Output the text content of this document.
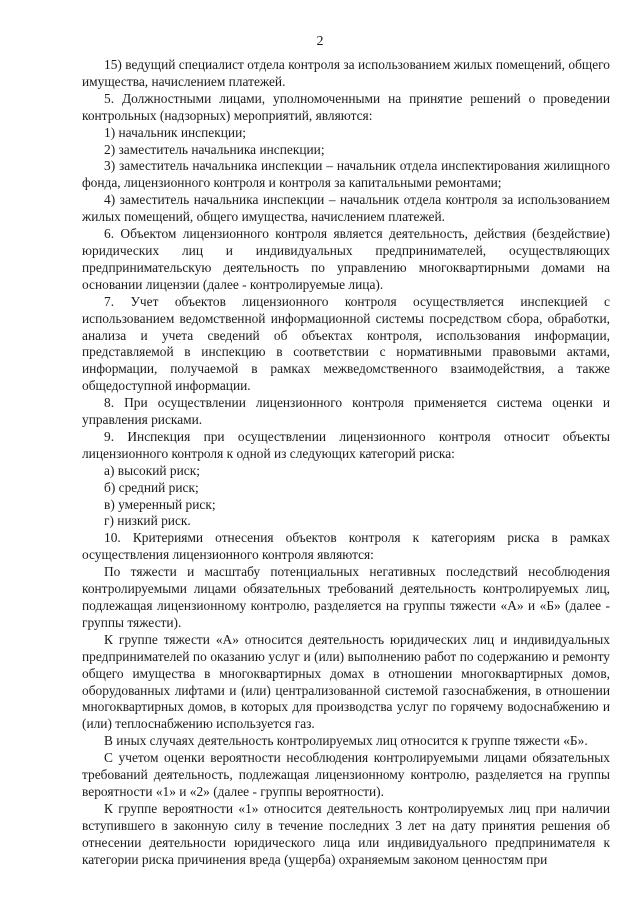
2

15) ведущий специалист отдела контроля за использованием жилых помещений, общего имущества, начислением платежей.

5. Должностными лицами, уполномоченными на принятие решений о проведении контрольных (надзорных) мероприятий, являются:

1) начальник инспекции;

2) заместитель начальника инспекции;

3) заместитель начальника инспекции – начальник отдела инспектирования жилищного фонда, лицензионного контроля и контроля за капитальными ремонтами;

4) заместитель начальника инспекции – начальник отдела контроля за использованием жилых помещений, общего имущества, начислением платежей.

6. Объектом лицензионного контроля является деятельность, действия (бездействие) юридических лиц и индивидуальных предпринимателей, осуществляющих предпринимательскую деятельность по управлению многоквартирными домами на основании лицензии (далее - контролируемые лица).

7. Учет объектов лицензионного контроля осуществляется инспекцией с использованием ведомственной информационной системы посредством сбора, обработки, анализа и учета сведений об объектах контроля, использования информации, представляемой в инспекцию в соответствии с нормативными правовыми актами, информации, получаемой в рамках межведомственного взаимодействия, а также общедоступной информации.

8. При осуществлении лицензионного контроля применяется система оценки и управления рисками.

9. Инспекция при осуществлении лицензионного контроля относит объекты лицензионного контроля к одной из следующих категорий риска:

а) высокий риск;

б) средний риск;

в) умеренный риск;

г) низкий риск.

10. Критериями отнесения объектов контроля к категориям риска в рамках осуществления лицензионного контроля являются:

По тяжести и масштабу потенциальных негативных последствий несоблюдения контролируемыми лицами обязательных требований деятельность контролируемых лиц, подлежащая лицензионному контролю, разделяется на группы тяжести «А» и «Б» (далее - группы тяжести).

К группе тяжести «А» относится деятельность юридических лиц и индивидуальных предпринимателей по оказанию услуг и (или) выполнению работ по содержанию и ремонту общего имущества в многоквартирных домах в отношении многоквартирных домов, оборудованных лифтами и (или) централизованной системой газоснабжения, в отношении многоквартирных домов, в которых для производства услуг по горячему водоснабжению и (или) теплоснабжению используется газ.

В иных случаях деятельность контролируемых лиц относится к группе тяжести «Б».

С учетом оценки вероятности несоблюдения контролируемыми лицами обязательных требований деятельность, подлежащая лицензионному контролю, разделяется на группы вероятности «1» и «2» (далее - группы вероятности).

К группе вероятности «1» относится деятельность контролируемых лиц при наличии вступившего в законную силу в течение последних 3 лет на дату принятия решения об отнесении деятельности юридического лица или индивидуального предпринимателя к категории риска причинения вреда (ущерба) охраняемым законом ценностям при
